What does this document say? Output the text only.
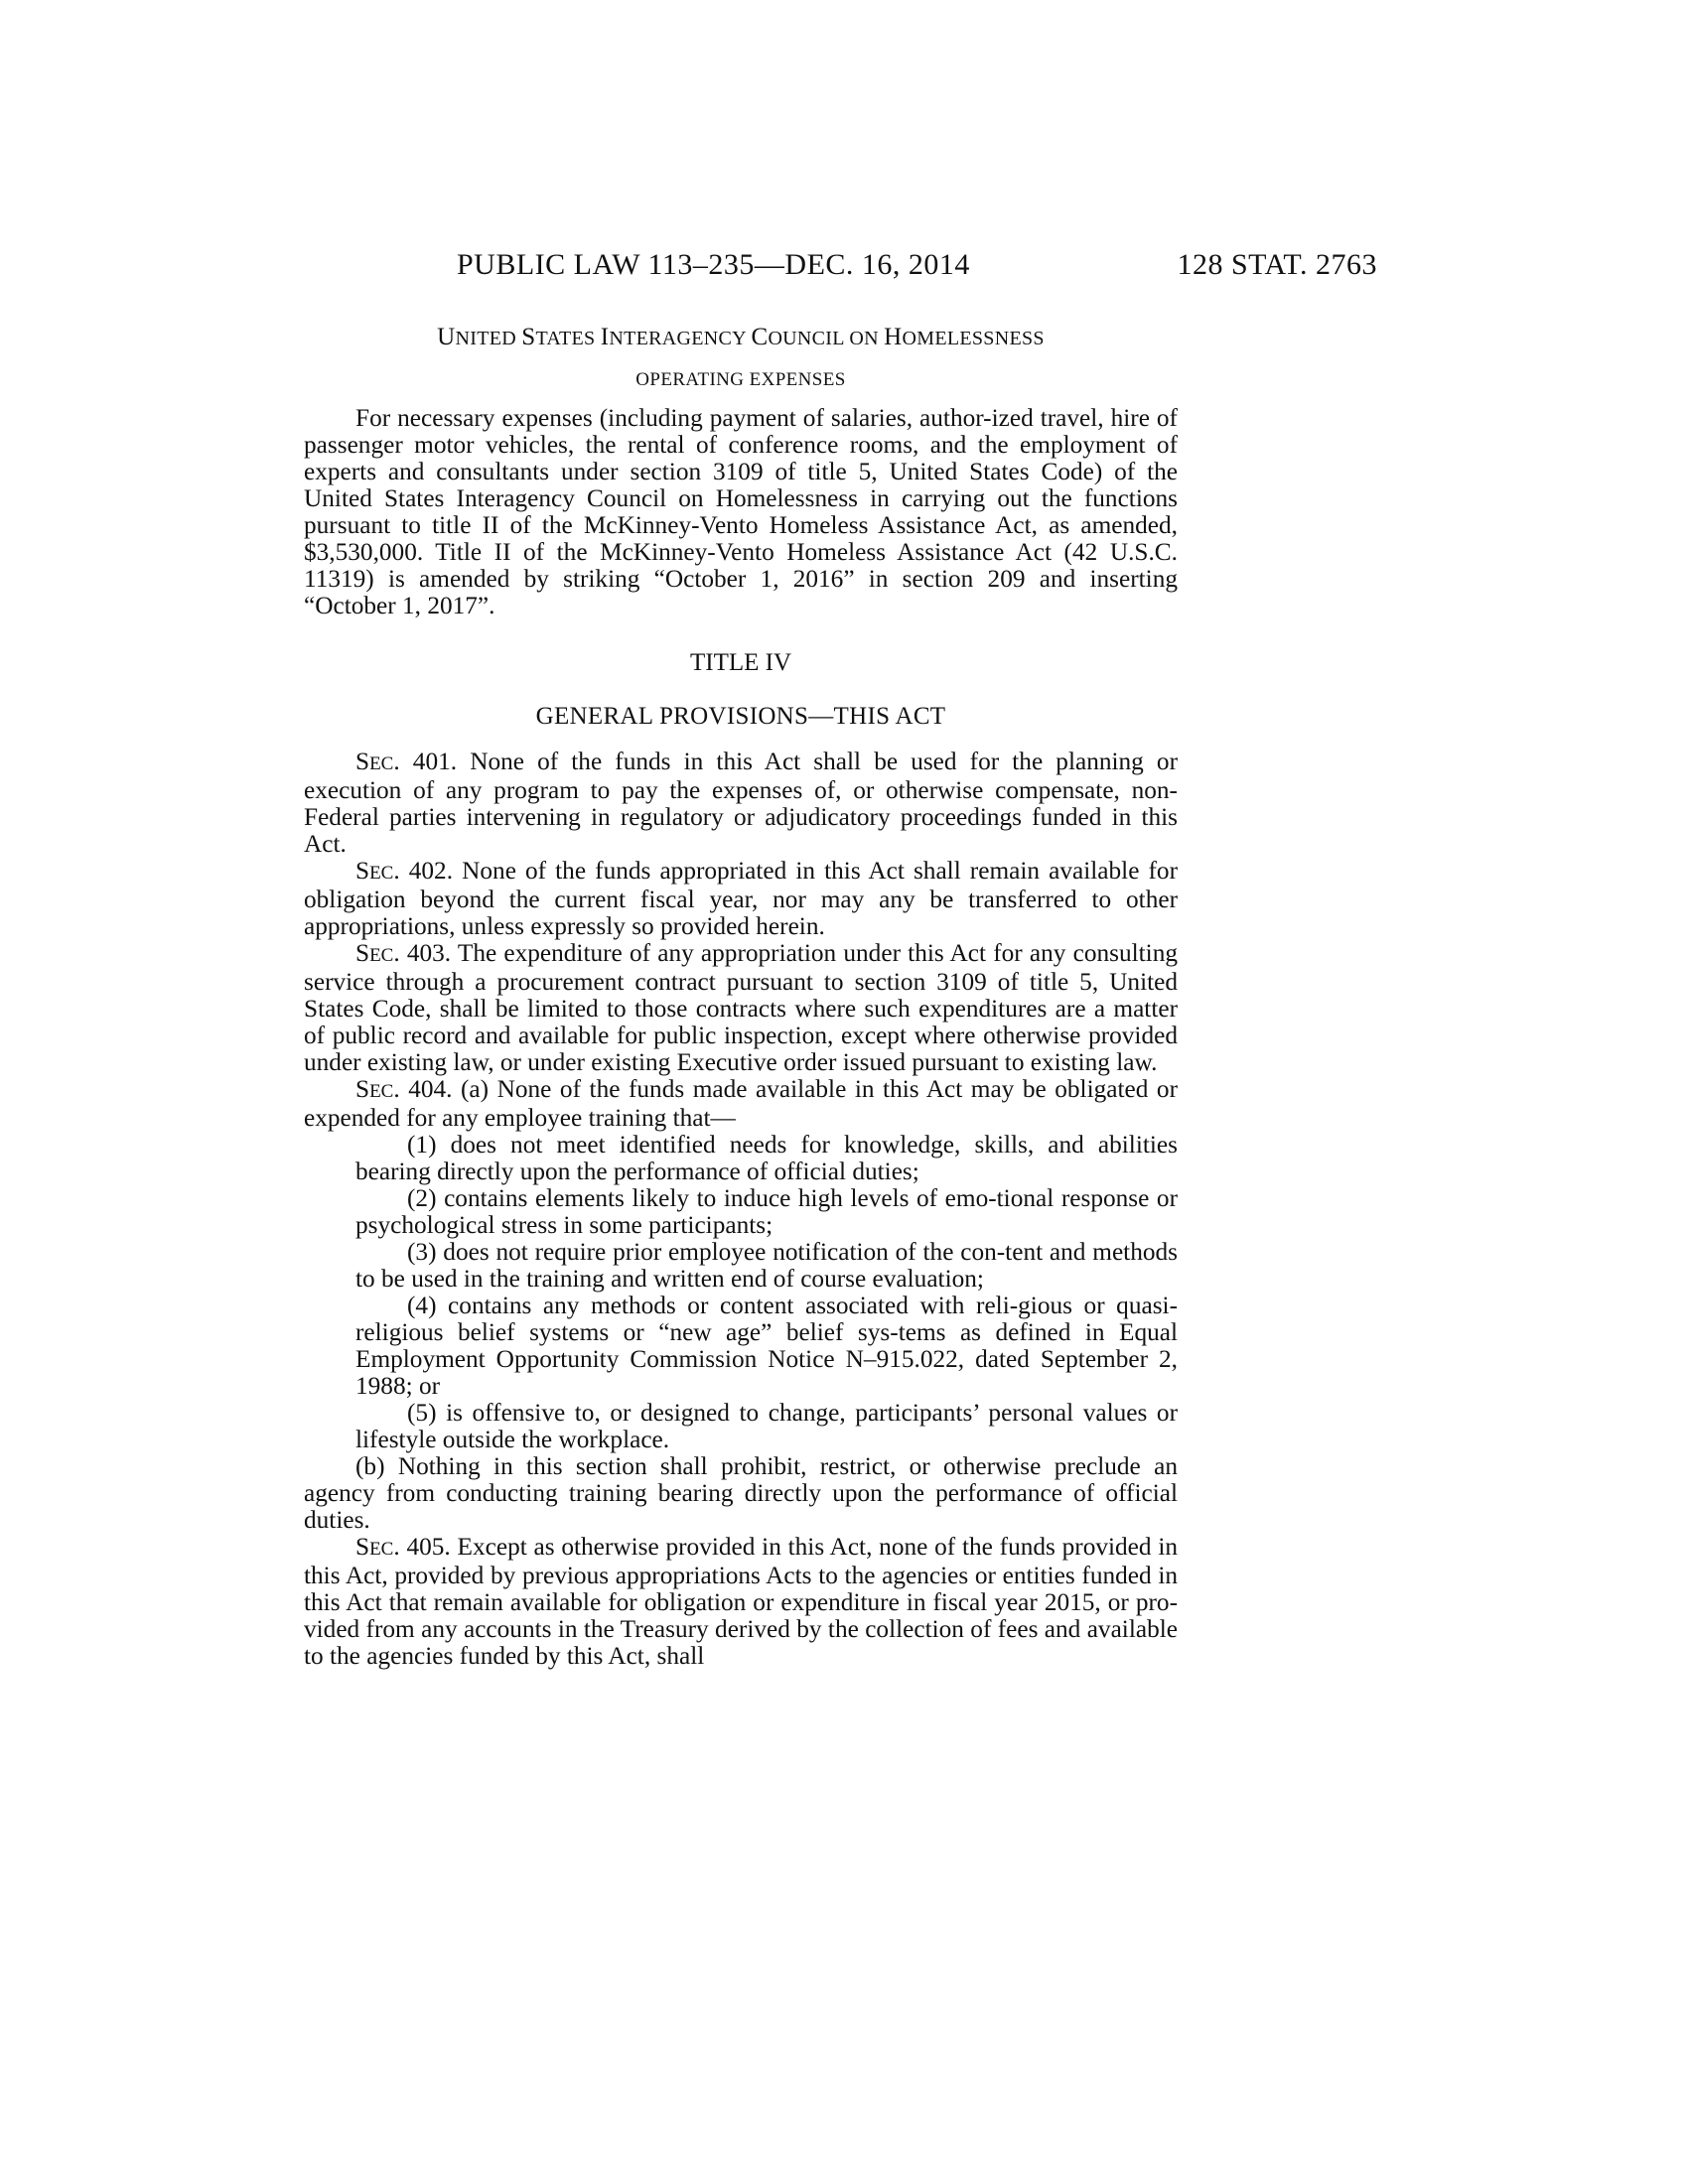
PUBLIC LAW 113–235—DEC. 16, 2014	128 STAT. 2763
UNITED STATES INTERAGENCY COUNCIL ON HOMELESSNESS
OPERATING EXPENSES

For necessary expenses (including payment of salaries, author-ized travel, hire of passenger motor vehicles, the rental of conference rooms, and the employment of experts and consultants under section 3109 of title 5, United States Code) of the United States Interagency Council on Homelessness in carrying out the functions pursuant to title II of the McKinney-Vento Homeless Assistance Act, as amended, $3,530,000. Title II of the McKinney-Vento Homeless Assistance Act (42 U.S.C. 11319) is amended by striking “October 1, 2016” in section 209 and inserting “October 1, 2017”.

TITLE IV
GENERAL PROVISIONS—THIS ACT

SEC. 401. None of the funds in this Act shall be used for the planning or execution of any program to pay the expenses of, or otherwise compensate, non-Federal parties intervening in regulatory or adjudicatory proceedings funded in this Act.

SEC. 402. None of the funds appropriated in this Act shall remain available for obligation beyond the current fiscal year, nor may any be transferred to other appropriations, unless expressly so provided herein.

SEC. 403. The expenditure of any appropriation under this Act for any consulting service through a procurement contract pursuant to section 3109 of title 5, United States Code, shall be limited to those contracts where such expenditures are a matter of public record and available for public inspection, except where otherwise provided under existing law, or under existing Executive order issued pursuant to existing law.

SEC. 404. (a) None of the funds made available in this Act may be obligated or expended for any employee training that—

(1) does not meet identified needs for knowledge, skills, and abilities bearing directly upon the performance of official duties;

(2) contains elements likely to induce high levels of emo-tional response or psychological stress in some participants;

(3) does not require prior employee notification of the con-tent and methods to be used in the training and written end of course evaluation;

(4) contains any methods or content associated with reli-gious or quasi-religious belief systems or “new age” belief sys-tems as defined in Equal Employment Opportunity Commission Notice N–915.022, dated September 2, 1988; or

(5) is offensive to, or designed to change, participants’ personal values or lifestyle outside the workplace.

(b) Nothing in this section shall prohibit, restrict, or otherwise preclude an agency from conducting training bearing directly upon the performance of official duties.

SEC. 405. Except as otherwise provided in this Act, none of the funds provided in this Act, provided by previous appropriations Acts to the agencies or entities funded in this Act that remain available for obligation or expenditure in fiscal year 2015, or pro-vided from any accounts in the Treasury derived by the collection of fees and available to the agencies funded by this Act, shall
